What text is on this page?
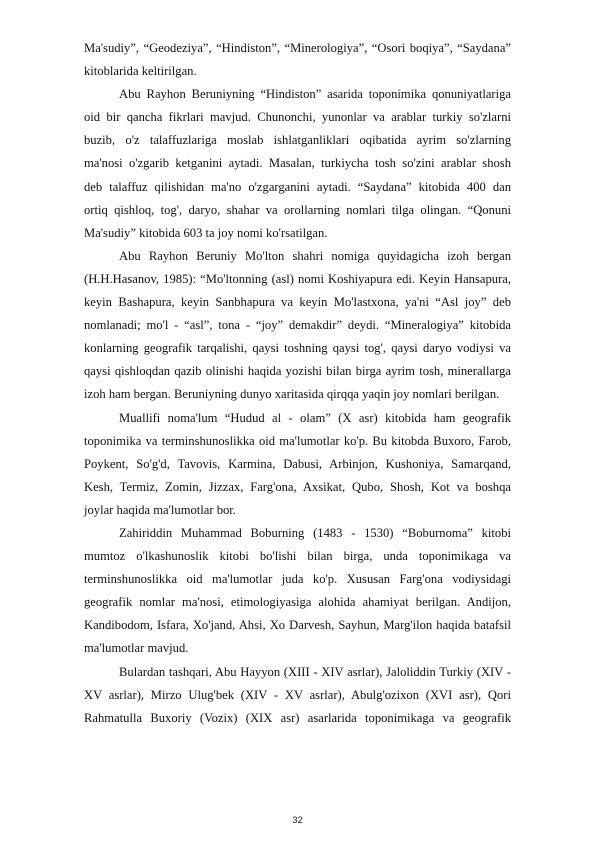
Ma'sudiy”, “Geodeziya”, “Hindiston”, “Minerologiya”, “Osori boqiya”, “Saydana”
kitoblarida keltirilgan.
Abu Rayhon Beruniyning “Hindiston” asarida toponimika qonuniyatlariga
oid bir qancha fikrlari mavjud. Chunonchi, yunonlar va arablar turkiy so'zlarni
buzib, o'z talaffuzlariga moslab ishlatganliklari oqibatida ayrim so'zlarning
ma'nosi o'zgarib ketganini aytadi. Masalan, turkiycha tosh so'zini arablar shosh
deb talaffuz qilishidan ma'no o'zgarganini aytadi. “Saydana” kitobida 400 dan
ortiq qishloq, tog', daryo, shahar va orollarning nomlari tilga olingan. “Qonuni
Ma'sudiy” kitobida 603 ta joy nomi ko'rsatilgan.
Abu Rayhon Beruniy Mo'lton shahri nomiga quyidagicha izoh bergan
(H.H.Hasanov, 1985): “Mo'ltonning (asl) nomi Koshiyapura edi. Keyin Hansapura,
keyin Bashapura, keyin Sanbhapura va keyin Mo'lastxona, ya'ni “Asl joy” deb
nomlanadi; mo'l - “asl”, tona - “joy” demakdir” deydi. “Mineralogiya” kitobida
konlarning geografik tarqalishi, qaysi toshning qaysi tog', qaysi daryo vodiysi va
qaysi qishloqdan qazib olinishi haqida yozishi bilan birga ayrim tosh, minerallarga
izoh ham bergan. Beruniyning dunyo xaritasida qirqqa yaqin joy nomlari berilgan.
Muallifi noma'lum “Hudud al - olam” (X asr) kitobida ham geografik
toponimika va terminshunoslikka oid ma'lumotlar ko'p. Bu kitobda Buxoro, Farob,
Poykent, So'g'd, Tavovis, Karmina, Dabusi, Arbinjon, Kushoniya, Samarqand,
Kesh, Termiz, Zomin, Jizzax, Farg'ona, Axsikat, Qubo, Shosh, Kot va boshqa
joylar haqida ma'lumotlar bor.
Zahiriddin Muhammad Boburning (1483 - 1530) “Boburnoma” kitobi
mumtoz o'lkashunoslik kitobi bo'lishi bilan birga, unda toponimikaga va
terminshunoslikka oid ma'lumotlar juda ko'p. Xususan Farg'ona vodiysidagi
geografik nomlar ma'nosi, etimologiyasiga alohida ahamiyat berilgan. Andijon,
Kandibodom, Isfara, Xo'jand, Ahsi, Xo Darvesh, Sayhun, Marg'ilon haqida batafsil
ma'lumotlar mavjud.
Bulardan tashqari, Abu Hayyon (XIII - XIV asrlar), Jaloliddin Turkiy (XIV -
XV asrlar), Mirzo Ulug'bek (XIV - XV asrlar), Abulg'ozixon (XVI asr), Qori
Rahmatulla Buxoriy (Vozix) (XIX asr) asarlarida toponimikaga va geografik
32
